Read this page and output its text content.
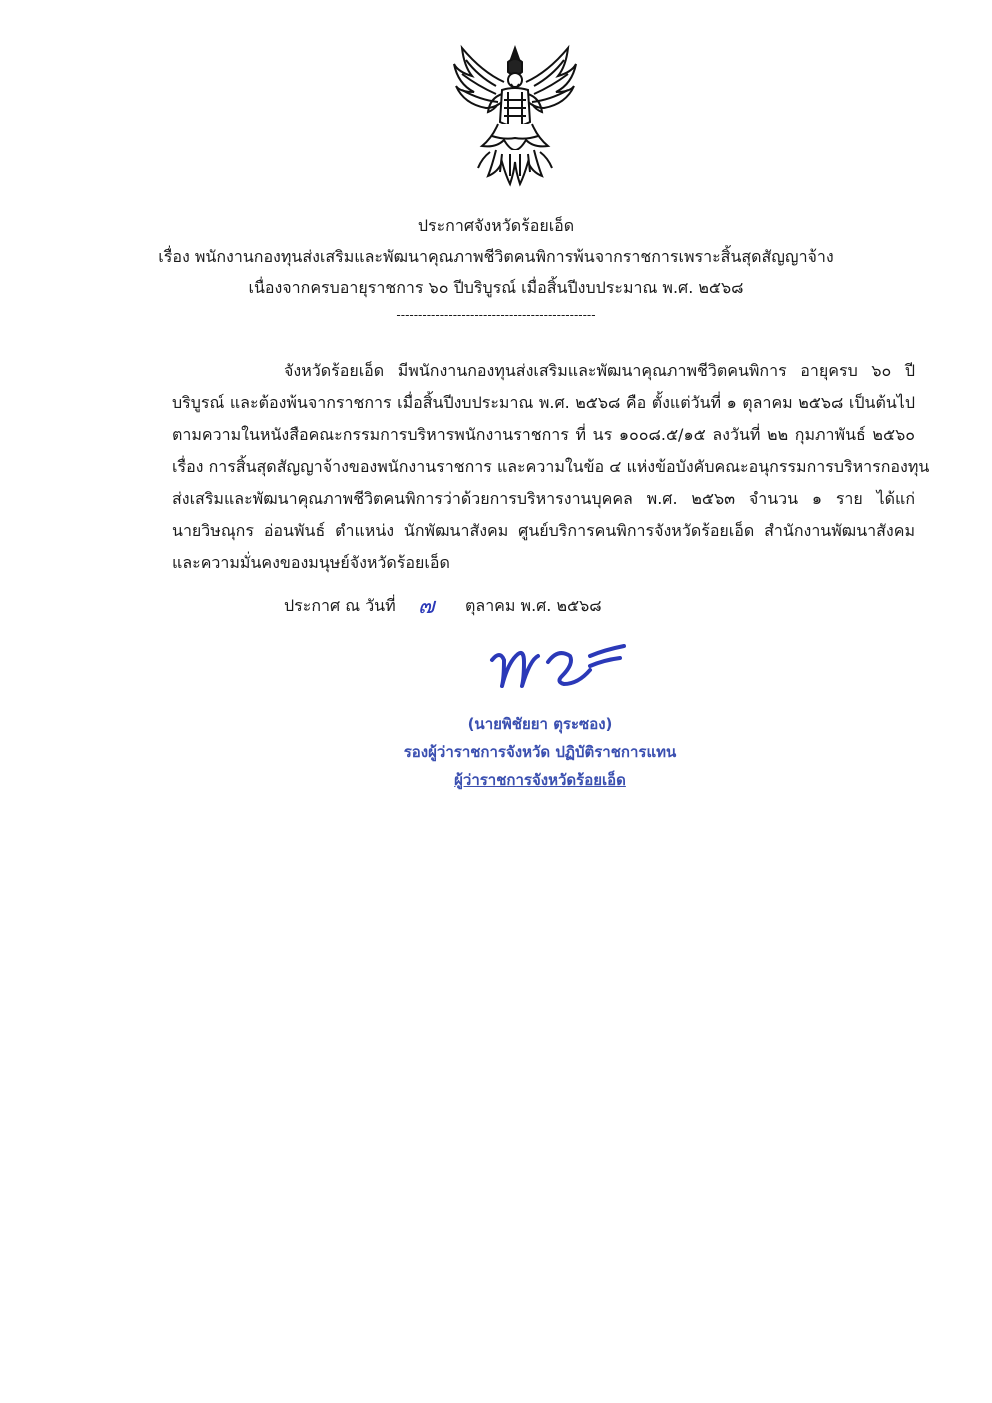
ประกาศจังหวัดร้อยเอ็ด
เรื่อง พนักงานกองทุนส่งเสริมและพัฒนาคุณภาพชีวิตคนพิการพ้นจากราชการเพราะสิ้นสุดสัญญาจ้าง
เนื่องจากครบอายุราชการ ๖๐ ปีบริบูรณ์ เมื่อสิ้นปีงบประมาณ พ.ศ. ๒๕๖๘
----------------------------------------------
จังหวัดร้อยเอ็ด มีพนักงานกองทุนส่งเสริมและพัฒนาคุณภาพชีวิตคนพิการ อายุครบ ๖๐ ปี
บริบูรณ์ และต้องพ้นจากราชการ เมื่อสิ้นปีงบประมาณ พ.ศ. ๒๕๖๘ คือ ตั้งแต่วันที่ ๑ ตุลาคม ๒๕๖๘ เป็นต้นไป
ตามความในหนังสือคณะกรรมการบริหารพนักงานราชการ ที่ นร ๑๐๐๘.๕/๑๕ ลงวันที่ ๒๒ กุมภาพันธ์ ๒๕๖๐
เรื่อง การสิ้นสุดสัญญาจ้างของพนักงานราชการ และความในข้อ ๔ แห่งข้อบังคับคณะอนุกรรมการบริหารกองทุน
ส่งเสริมและพัฒนาคุณภาพชีวิตคนพิการว่าด้วยการบริหารงานบุคคล พ.ศ. ๒๕๖๓ จำนวน ๑ ราย ได้แก่
นายวิษณุกร อ่อนพันธ์ ตำแหน่ง นักพัฒนาสังคม ศูนย์บริการคนพิการจังหวัดร้อยเอ็ด สำนักงานพัฒนาสังคม
และความมั่นคงของมนุษย์จังหวัดร้อยเอ็ด
ประกาศ ณ วันที่ ๗ ตุลาคม พ.ศ. ๒๕๖๘
(นายพิชัยยา ตุระซอง)
รองผู้ว่าราชการจังหวัด ปฏิบัติราชการแทน
ผู้ว่าราชการจังหวัดร้อยเอ็ด
